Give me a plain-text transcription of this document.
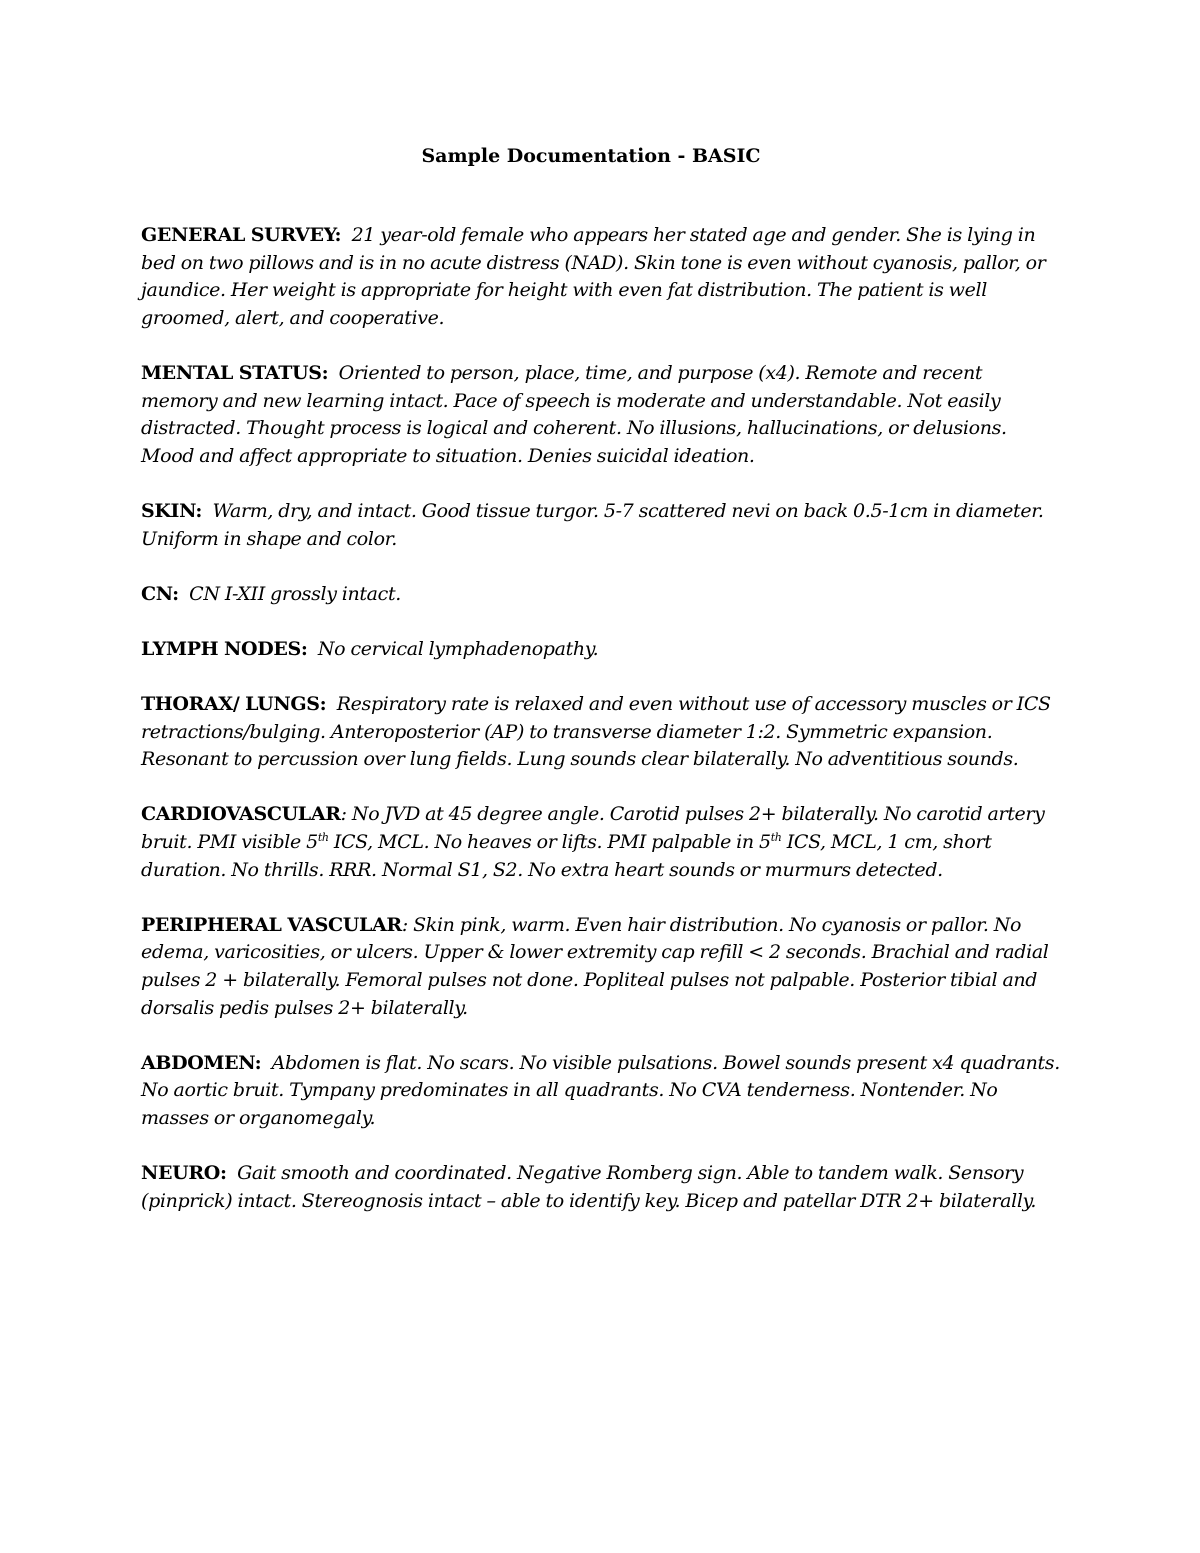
Sample Documentation - BASIC

GENERAL SURVEY: 21 year-old female who appears her stated age and gender. She is lying in bed on two pillows and is in no acute distress (NAD). Skin tone is even without cyanosis, pallor, or jaundice. Her weight is appropriate for height with even fat distribution. The patient is well groomed, alert, and cooperative.

MENTAL STATUS: Oriented to person, place, time, and purpose (x4). Remote and recent memory and new learning intact. Pace of speech is moderate and understandable. Not easily distracted. Thought process is logical and coherent. No illusions, hallucinations, or delusions. Mood and affect appropriate to situation. Denies suicidal ideation.

SKIN: Warm, dry, and intact. Good tissue turgor. 5-7 scattered nevi on back 0.5-1cm in diameter. Uniform in shape and color.

CN: CN I-XII grossly intact.

LYMPH NODES: No cervical lymphadenopathy.

THORAX/ LUNGS: Respiratory rate is relaxed and even without use of accessory muscles or ICS retractions/bulging. Anteroposterior (AP) to transverse diameter 1:2. Symmetric expansion. Resonant to percussion over lung fields. Lung sounds clear bilaterally. No adventitious sounds.

CARDIOVASCULAR: No JVD at 45 degree angle. Carotid pulses 2+ bilaterally. No carotid artery bruit. PMI visible 5th ICS, MCL. No heaves or lifts. PMI palpable in 5th ICS, MCL, 1 cm, short duration. No thrills. RRR. Normal S1, S2. No extra heart sounds or murmurs detected.

PERIPHERAL VASCULAR: Skin pink, warm. Even hair distribution. No cyanosis or pallor. No edema, varicosities, or ulcers. Upper & lower extremity cap refill < 2 seconds. Brachial and radial pulses 2 + bilaterally. Femoral pulses not done. Popliteal pulses not palpable. Posterior tibial and dorsalis pedis pulses 2+ bilaterally.

ABDOMEN: Abdomen is flat. No scars. No visible pulsations. Bowel sounds present x4 quadrants. No aortic bruit. Tympany predominates in all quadrants. No CVA tenderness. Nontender. No masses or organomegaly.

NEURO: Gait smooth and coordinated. Negative Romberg sign. Able to tandem walk. Sensory (pinprick) intact. Stereognosis intact – able to identify key. Bicep and patellar DTR 2+ bilaterally.
